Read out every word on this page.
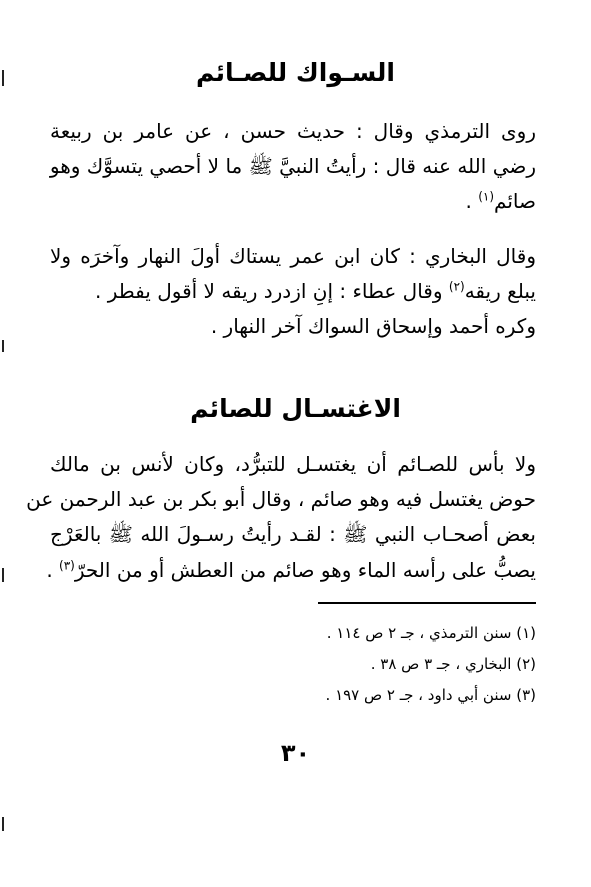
السـواك للصـائم
روى الترمذي وقال : حديث حسن ، عن عامر بن ربيعة
رضي الله عنه قال : رأيتُ النبيَّ ﷺ ما لا أحصي يتسوَّك وهو
صائم$^{(١)}$ .
وقال البخاري : كان ابن عمر يستاك أولَ النهار وآخرَه ولا
يبلع ريقه$^{(٢)}$ وقال عطاء : إنِ ازدرد ريقه لا أقول يفطر .
وكره أحمد وإسحاق السواك آخر النهار .
الاغتسـال للصائم
ولا بأس للصـائم أن يغتسـل للتبرُّد، وكان لأنس بن مالك
حوض يغتسل فيه وهو صائم ، وقال أبو بكر بن عبد الرحمن عن
بعض أصحـاب النبي ﷺ : لقـد رأيتُ رسـولَ الله ﷺ بالعَرْج
يصبُّ على رأسه الماء وهو صائم من العطش أو من الحرّ$^{(٣)}$ .
(١) سنن الترمذي ، جـ ٢ ص ١١٤ .
(٢) البخاري ، جـ ٣ ص ٣٨ .
(٣) سنن أبي داود ، جـ ٢ ص ١٩٧ .
٣٠
